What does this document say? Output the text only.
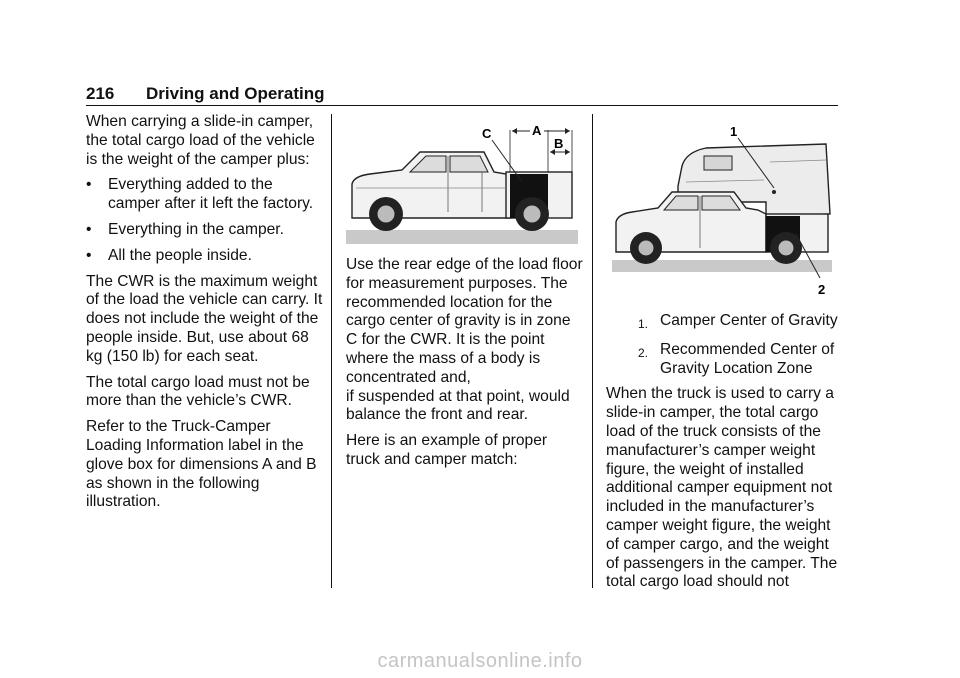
216 Driving and Operating

When carrying a slide-in camper, the total cargo load of the vehicle is the weight of the camper plus:

•	Everything added to the camper after it left the factory.
•	Everything in the camper.
•	All the people inside.

The CWR is the maximum weight of the load the vehicle can carry. It does not include the weight of the people inside. But, use about 68 kg (150 lb) for each seat.

The total cargo load must not be more than the vehicle’s CWR.

Refer to the Truck-Camper Loading Information label in the glove box for dimensions A and B as shown in the following illustration.

C	A
B

Use the rear edge of the load floor for measurement purposes. The recommended location for the cargo center of gravity is in zone C for the CWR. It is the point where the mass of a body is concentrated and,

if suspended at that point, would balance the front and rear.

Here is an example of proper truck and camper match:

1
2
1. Camper Center of Gravity
2. Recommended Center of Gravity Location Zone

When the truck is used to carry a slide-in camper, the total cargo load of the truck consists of the manufacturer’s camper weight figure, the weight of installed additional camper equipment not included in the manufacturer’s camper weight figure, the weight of camper cargo, and the weight of passengers in the camper. The total cargo load should not

carmanualsonline.info
